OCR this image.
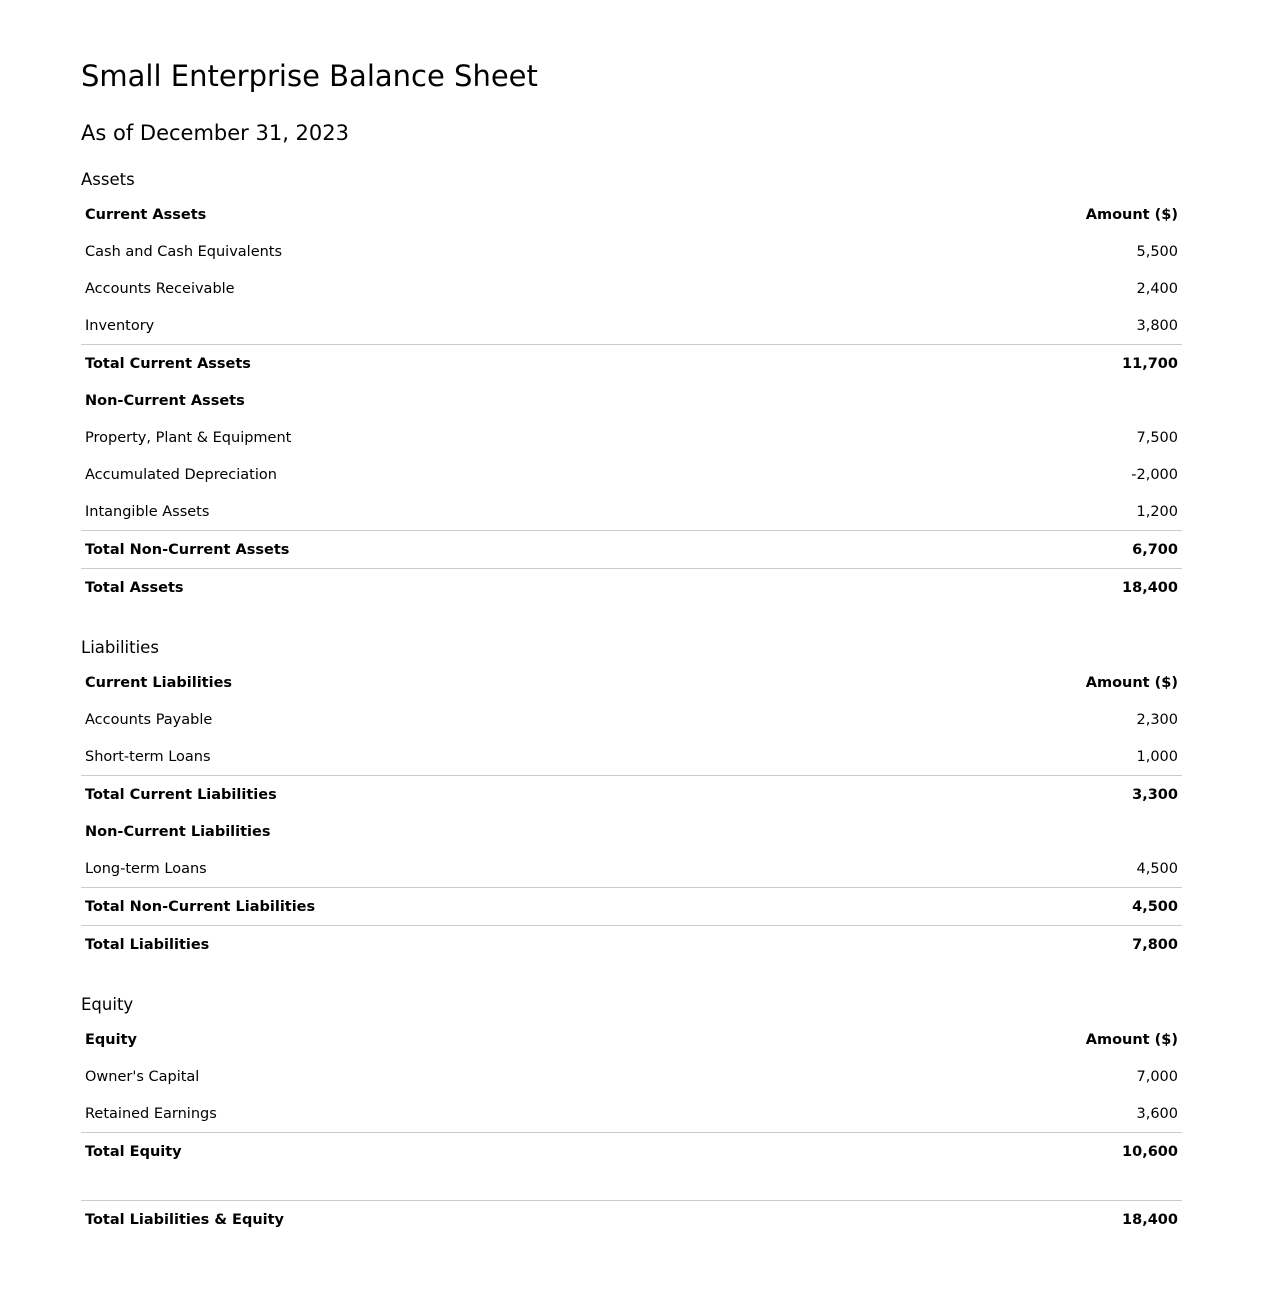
Small Enterprise Balance Sheet
As of December 31, 2023
Assets
Current Assets	Amount ($)
Cash and Cash Equivalents	5,500
Accounts Receivable	2,400
Inventory	3,800
Total Current Assets	11,700
Non-Current Assets	
Property, Plant & Equipment	7,500
Accumulated Depreciation	-2,000
Intangible Assets	1,200
Total Non-Current Assets	6,700
Total Assets	18,400
Liabilities
Current Liabilities	Amount ($)
Accounts Payable	2,300
Short-term Loans	1,000
Total Current Liabilities	3,300
Non-Current Liabilities	
Long-term Loans	4,500
Total Non-Current Liabilities	4,500
Total Liabilities	7,800
Equity
Equity	Amount ($)
Owner's Capital	7,000
Retained Earnings	3,600
Total Equity	10,600
Total Liabilities & Equity	18,400
